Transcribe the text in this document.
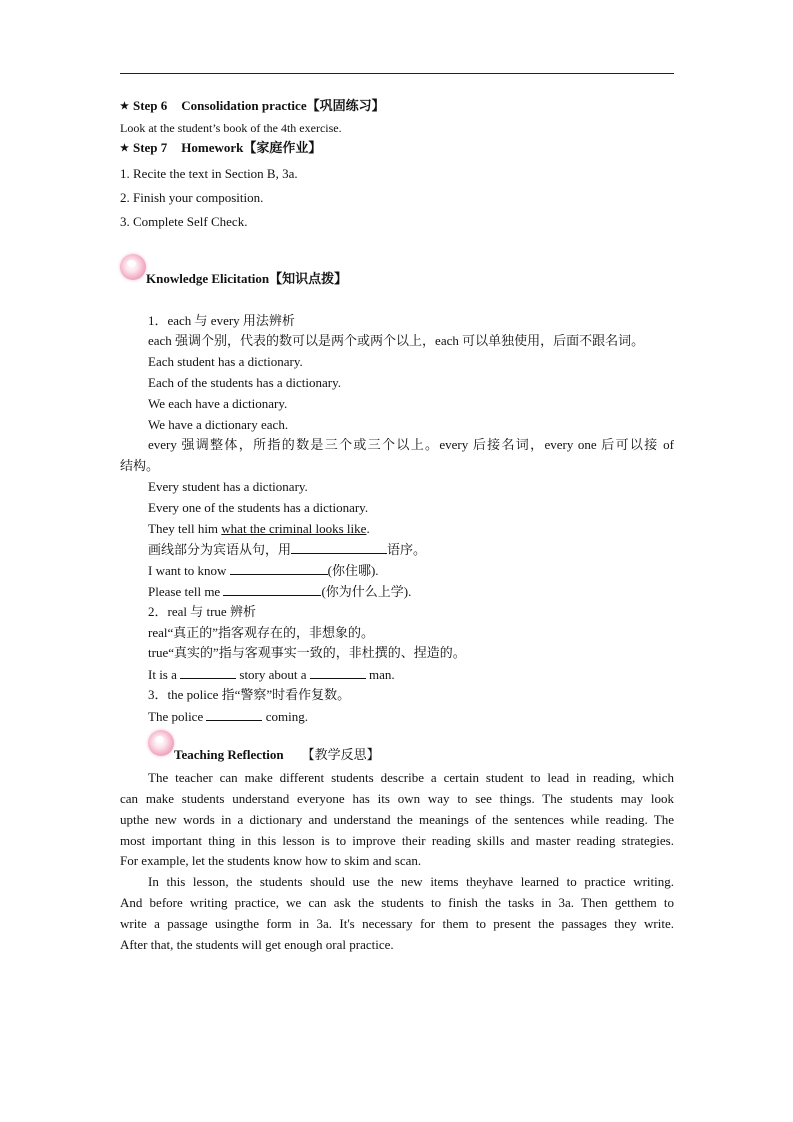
★ Step 6 Consolidation practice【巩固练习】
Look at the student’s book of the 4th exercise.
★ Step 7 Homework【家庭作业】
1. Recite the text in Section B, 3a.
2. Finish your composition.
3. Complete Self Check.
Knowledge Elicitation【知识点拨】
1．each 与 every 用法辨析
each 强调个别，代表的数可以是两个或两个以上，each 可以单独使用，后面不跟名词。
Each student has a dictionary.
Each of the students has a dictionary.
We each have a dictionary.
We have a dictionary each.
every 强调整体，所指的数是三个或三个以上。every 后接名词，every one 后可以接 of
结构。
Every student has a dictionary.
Every one of the students has a dictionary.
They tell him what the criminal looks like.
画线部分为宾语从句，用	语序。
I want to know	(你住哪).
Please tell me	(你为什么上学).
2．real 与 true 辨析
real“真正的”指客观存在的，非想象的。
true“真实的”指与客观事实一致的，非杜撰的、捏造的。
It is a	story about a	man.
3．the police 指“警察”时看作复数。
The police	coming.
Teaching Reflection 【教学反思】
The teacher can make different students describe a certain student to lead in reading, which
can make students understand everyone has its own way to see things. The students may look
upthe new words in a dictionary and understand the meanings of the sentences while reading. The
most important thing in this lesson is to improve their reading skills and master reading strategies.
For example, let the students know how to skim and scan.
In this lesson, the students should use the new items theyhave learned to practice writing.
And before writing practice, we can ask the students to finish the tasks in 3a. Then getthem to
write a passage usingthe form in 3a. It's necessary for them to present the passages they write.
After that, the students will get enough oral practice.
